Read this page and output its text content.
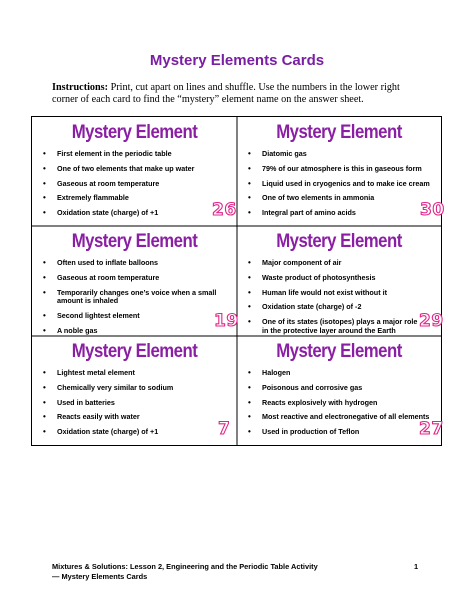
Mystery Elements Cards
Instructions: Print, cut apart on lines and shuffle. Use the numbers in the lower right corner of each card to find the “mystery” element name on the answer sheet.
Mystery Element
• First element in the periodic table
• One of two elements that make up water
• Gaseous at room temperature
• Extremely flammable
• Oxidation state (charge) of +1	26
Mystery Element
• Diatomic gas
• 79% of our atmosphere is this in gaseous form
• Liquid used in cryogenics and to make ice cream
• One of two elements in ammonia
• Integral part of amino acids	30
Mystery Element
• Often used to inflate balloons
• Gaseous at room temperature
• Temporarily changes one’s voice when a small amount is inhaled
• Second lightest element
• A noble gas	19
Mystery Element
• Major component of air
• Waste product of photosynthesis
• Human life would not exist without it
• Oxidation state (charge) of -2
• One of its states (isotopes) plays a major role in the protective layer around the Earth	29
Mystery Element
• Lightest metal element
• Chemically very similar to sodium
• Used in batteries
• Reacts easily with water
• Oxidation state (charge) of +1	7
Mystery Element
• Halogen
• Poisonous and corrosive gas
• Reacts explosively with hydrogen
• Most reactive and electronegative of all elements
• Used in production of Teflon	27
Mixtures & Solutions: Lesson 2, Engineering and the Periodic Table Activity
— Mystery Elements Cards
1
